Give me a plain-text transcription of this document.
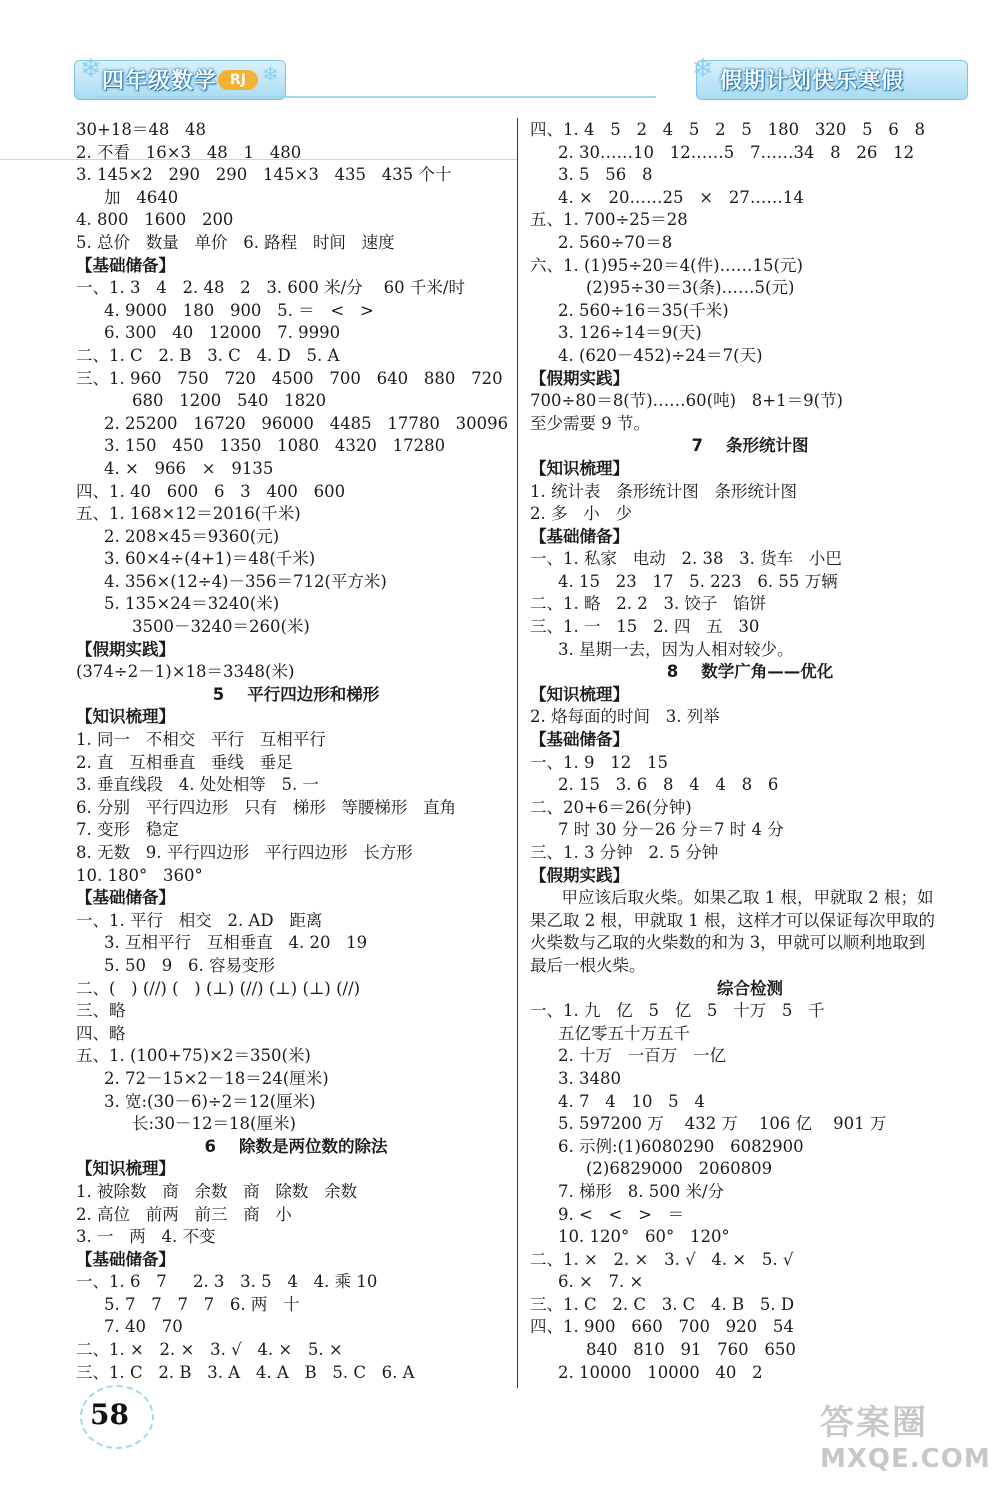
❄ 四年级数学 RJ ❄	❄ 假期计划快乐寒假
30+18＝48   48
2. 不看   16×3   48   1   480
3. 145×2   290   290   145×3   435   435 个十
加   4640
4. 800   1600   200
5. 总价   数量   单价   6. 路程   时间   速度
【基础储备】
一、1. 3   4   2. 48   2   3. 600 米/分    60 千米/时
4. 9000   180   900   5. ＝   <   >
6. 300   40   12000   7. 9990
二、1. C   2. B   3. C   4. D   5. A
三、1. 960   750   720   4500   700   640   880   720
680   1200   540   1820
2. 25200   16720   96000   4485   17780   30096
3. 150   450   1350   1080   4320   17280
4. ×   966   ×   9135
四、1. 40   600   6   3   400   600
五、1. 168×12＝2016(千米)
2. 208×45＝9360(元)
3. 60×4÷(4+1)＝48(千米)
4. 356×(12÷4)－356＝712(平方米)
5. 135×24＝3240(米)
3500－3240＝260(米)
【假期实践】
(374÷2－1)×18＝3348(米)
5    平行四边形和梯形
【知识梳理】
1. 同一   不相交   平行   互相平行
2. 直   互相垂直   垂线   垂足
3. 垂直线段   4. 处处相等   5. 一
6. 分别   平行四边形   只有   梯形   等腰梯形   直角
7. 变形   稳定
8. 无数   9. 平行四边形   平行四边形   长方形
10. 180°   360°
【基础储备】
一、1. 平行   相交   2. AD   距离
3. 互相平行   互相垂直   4. 20   19
5. 50   9   6. 容易变形
二、(   ) (//) (   ) (⊥) (//) (⊥) (⊥) (//)
三、略
四、略
五、1. (100+75)×2＝350(米)
2. 72－15×2－18＝24(厘米)
3. 宽:(30－6)÷2＝12(厘米)
长:30－12＝18(厘米)
6    除数是两位数的除法
【知识梳理】
1. 被除数   商   余数   商   除数   余数
2. 高位   前两   前三   商   小
3. 一   两   4. 不变
【基础储备】
一、1. 6   7     2. 3   3. 5   4   4. 乘 10
5. 7   7   7   7   6. 两   十
7. 40   70
二、1. ×   2. ×   3. √   4. ×   5. ×
三、1. C   2. B   3. A   4. A   B   5. C   6. A
四、1. 4   5   2   4   5   2   5   180   320   5   6   8
2. 30……10   12……5   7……34   8   26   12
3. 5   56   8
4. ×   20……25   ×   27……14
五、1. 700÷25＝28
2. 560÷70＝8
六、1. (1)95÷20＝4(件)……15(元)
(2)95÷30＝3(条)……5(元)
2. 560÷16＝35(千米)
3. 126÷14＝9(天)
4. (620－452)÷24＝7(天)
【假期实践】
700÷80＝8(节)……60(吨)   8+1＝9(节)
至少需要 9 节。
7    条形统计图
【知识梳理】
1. 统计表   条形统计图   条形统计图
2. 多   小   少
【基础储备】
一、1. 私家   电动   2. 38   3. 货车   小巴
4. 15   23   17   5. 223   6. 55 万辆
二、1. 略   2. 2   3. 饺子   馅饼
三、1. 一   15   2. 四   五   30
3. 星期一去，因为人相对较少。
8    数学广角——优化
【知识梳理】
2. 烙每面的时间   3. 列举
【基础储备】
一、1. 9   12   15
2. 15   3. 6   8   4   4   8   6
二、20+6＝26(分钟)
7 时 30 分－26 分＝7 时 4 分
三、1. 3 分钟   2. 5 分钟
【假期实践】
甲应该后取火柴。如果乙取 1 根，甲就取 2 根；如
果乙取 2 根，甲就取 1 根，这样才可以保证每次甲取的
火柴数与乙取的火柴数的和为 3，甲就可以顺利地取到
最后一根火柴。
综合检测
一、1. 九   亿   5   亿   5   十万   5   千
五亿零五十万五千
2. 十万   一百万   一亿
3. 3480
4. 7   4   10   5   4
5. 597200 万    432 万    106 亿    901 万
6. 示例:(1)6080290   6082900
(2)6829000   2060809
7. 梯形   8. 500 米/分
9. <   <   >   ＝
10. 120°   60°   120°
二、1. ×   2. ×   3. √   4. ×   5. √
6. ×   7. ×
三、1. C   2. C   3. C   4. B   5. D
四、1. 900   660   700   920   54
840   810   91   760   650
2. 10000   10000   40   2
58	答案圈
MXQE.COM
